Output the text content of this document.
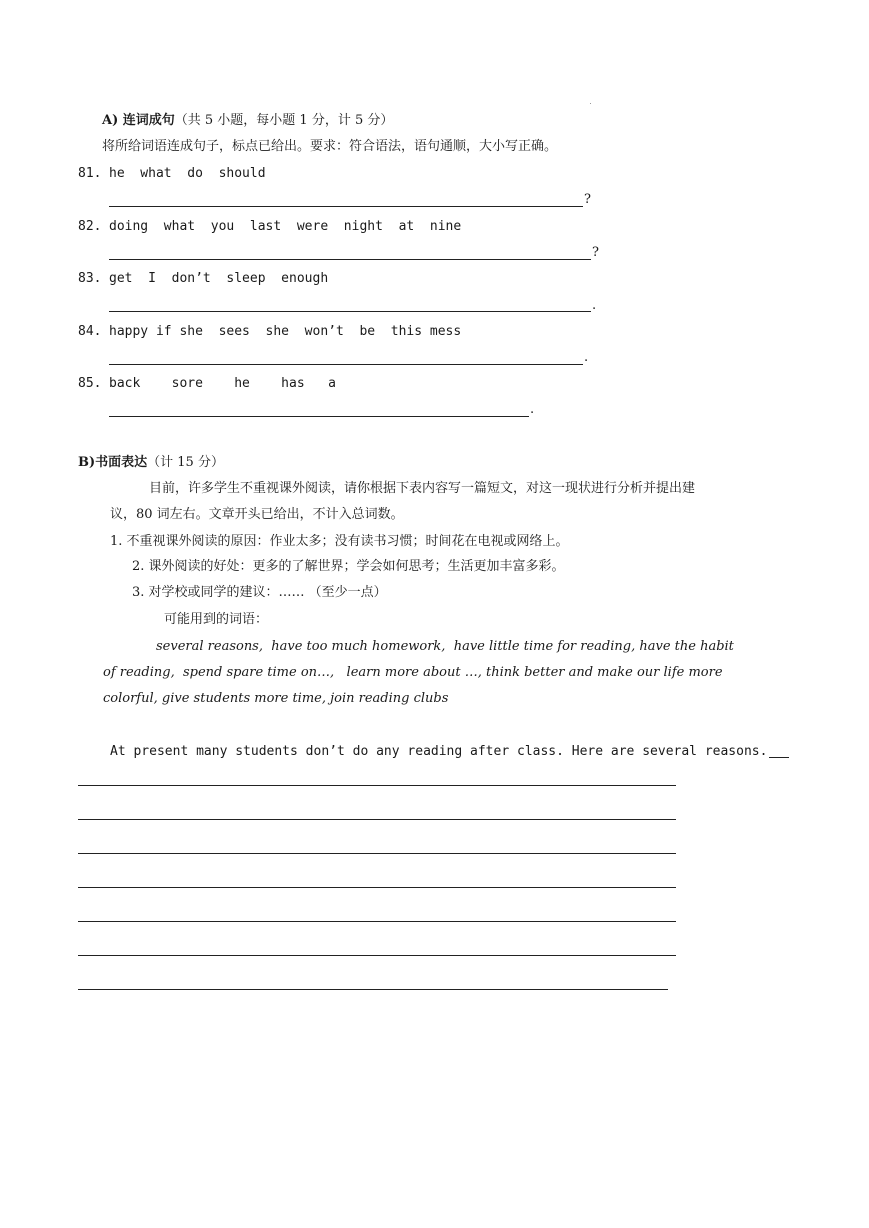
A) 连词成句（共 5 小题，每小题 1 分，计 5 分）
将所给词语连成句子，标点已给出。要求：符合语法，语句通顺，大小写正确。
81. he  what  do  should
?
82. doing  what  you  last  were  night  at  nine
?
83. get  I  don’t  sleep  enough
.
84. happy if she  sees  she  won’t  be  this mess
.
85. back    sore    he    has   a
.
B)书面表达（计 15 分）
目前，许多学生不重视课外阅读，请你根据下表内容写一篇短文，对这一现状进行分析并提出建
议，80 词左右。文章开头已给出，不计入总词数。
1. 不重视课外阅读的原因：作业太多；没有读书习惯；时间花在电视或网络上。
2. 课外阅读的好处：更多的了解世界；学会如何思考；生活更加丰富多彩。
3. 对学校或同学的建议：…… （至少一点）
可能用到的词语：
several reasons,  have too much homework,  have little time for reading, have the habit
of reading,  spend spare time on…,   learn more about …, think better and make our life more
colorful, give students more time, join reading clubs
At present many students don’t do any reading after class. Here are several reasons.
